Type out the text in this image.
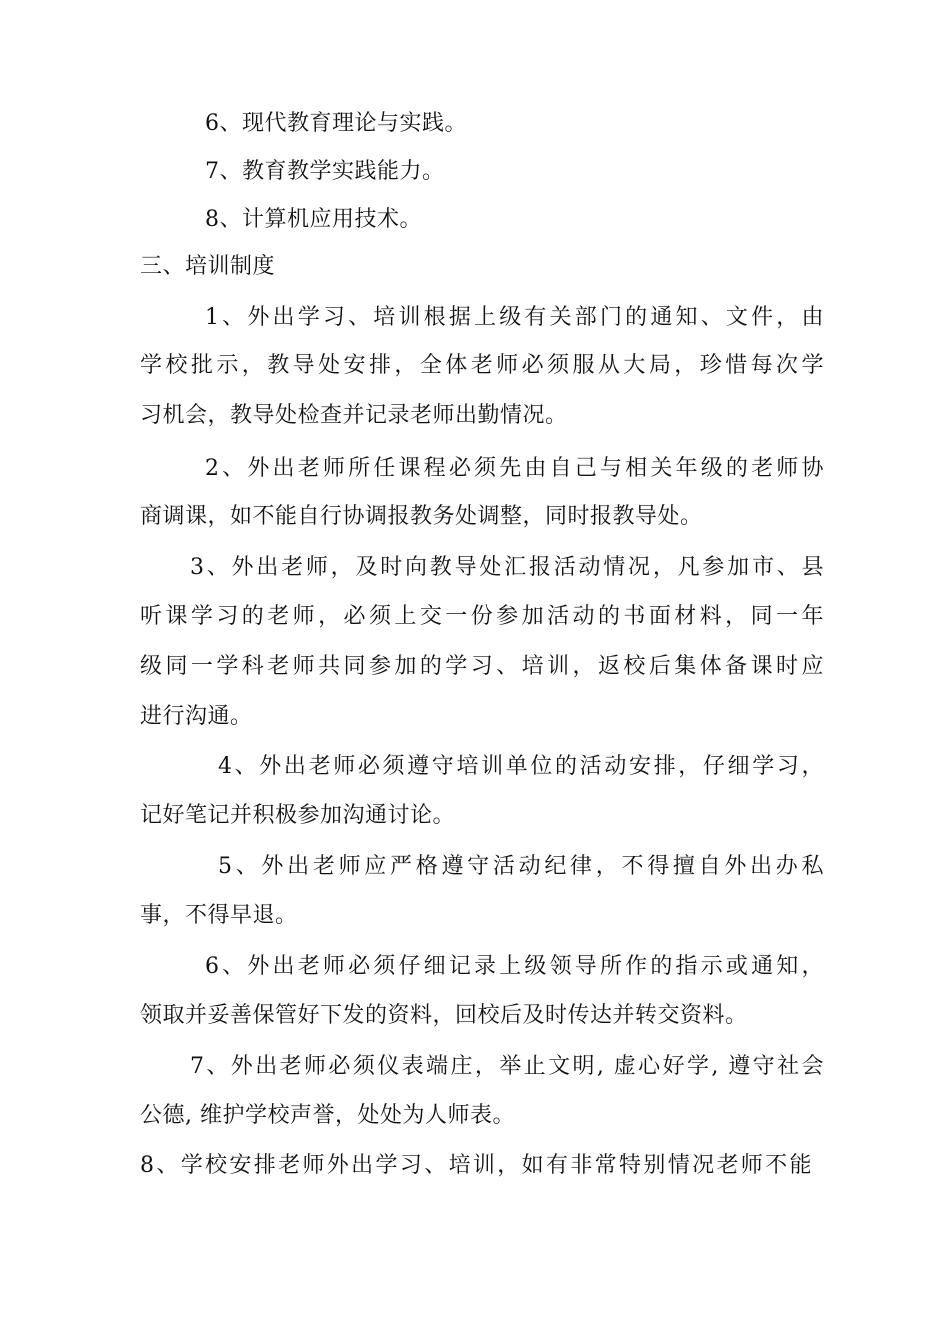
6、现代教育理论与实践。
7、教育教学实践能力。
8、计算机应用技术。
三、培训制度
1、外出学习、培训根据上级有关部门的通知、文件，由
学校批示，教导处安排，全体老师必须服从大局，珍惜每次学
习机会，教导处检查并记录老师出勤情况。
2、外出老师所任课程必须先由自己与相关年级的老师协
商调课，如不能自行协调报教务处调整，同时报教导处。
3、外出老师，及时向教导处汇报活动情况，凡参加市、县
听课学习的老师，必须上交一份参加活动的书面材料，同一年
级同一学科老师共同参加的学习、培训，返校后集体备课时应
进行沟通。
4、外出老师必须遵守培训单位的活动安排，仔细学习，
记好笔记并积极参加沟通讨论。
5、外出老师应严格遵守活动纪律，不得擅自外出办私
事，不得早退。
6、外出老师必须仔细记录上级领导所作的指示或通知，
领取并妥善保管好下发的资料，回校后及时传达并转交资料。
7、外出老师必须仪表端庄，举止文明, 虚心好学, 遵守社会
公德, 维护学校声誉，处处为人师表。
8、学校安排老师外出学习、培训，如有非常特别情况老师不能
